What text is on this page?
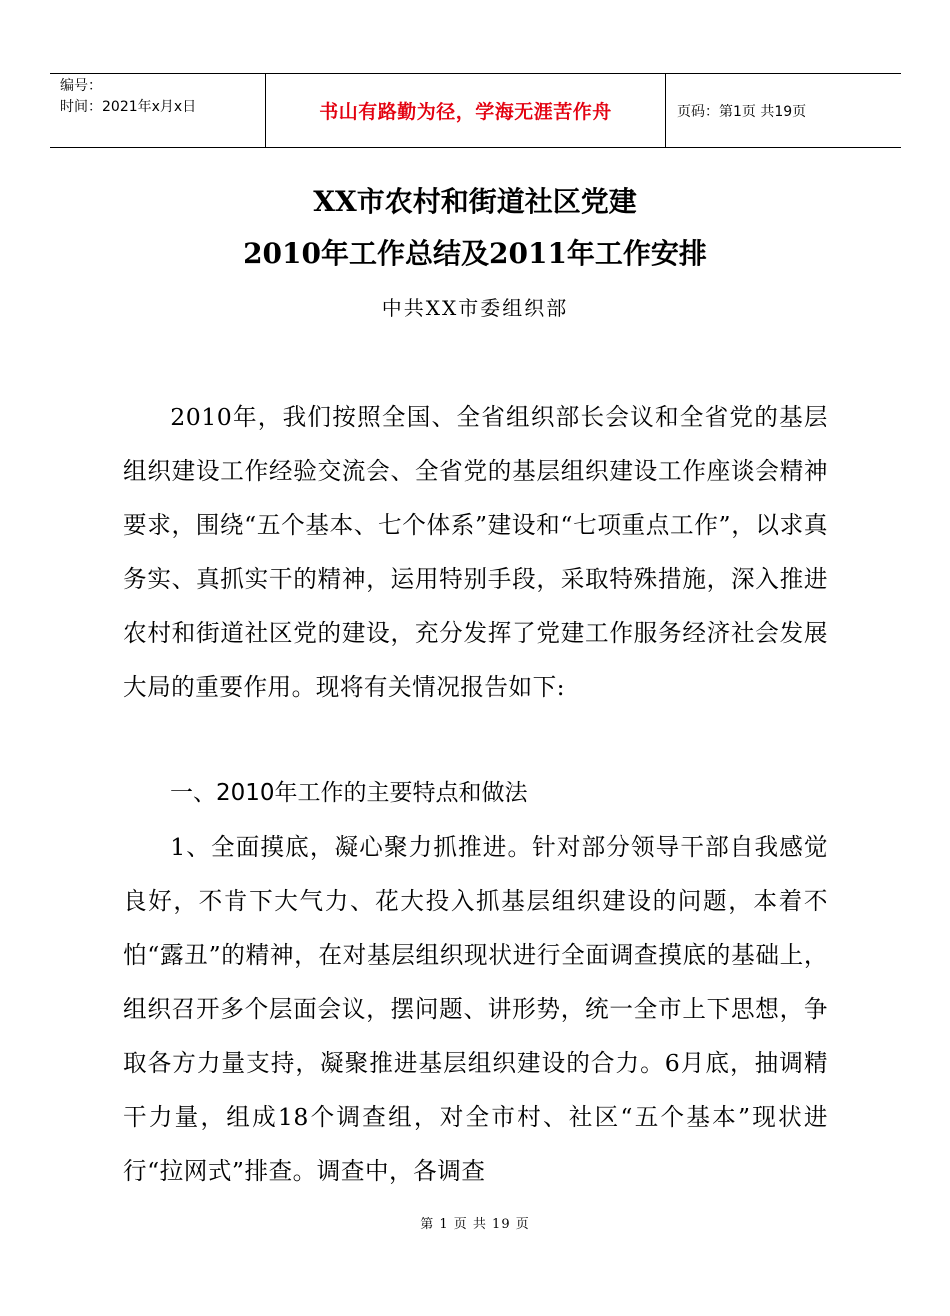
编号：
时间：2021年x月x日	书山有路勤为径，学海无涯苦作舟	页码：第1页 共19页
XX市农村和街道社区党建
2010年工作总结及2011年工作安排
中共XX市委组织部
2010年，我们按照全国、全省组织部长会议和全省党的基层组织建设工作经验交流会、全省党的基层组织建设工作座谈会精神要求，围绕“五个基本、七个体系”建设和“七项重点工作”，以求真务实、真抓实干的精神，运用特别手段，采取特殊措施，深入推进农村和街道社区党的建设，充分发挥了党建工作服务经济社会发展大局的重要作用。现将有关情况报告如下:
一、2010年工作的主要特点和做法
1、全面摸底，凝心聚力抓推进。针对部分领导干部自我感觉良好，不肯下大气力、花大投入抓基层组织建设的问题，本着不怕“露丑”的精神，在对基层组织现状进行全面调查摸底的基础上，组织召开多个层面会议，摆问题、讲形势，统一全市上下思想，争取各方力量支持，凝聚推进基层组织建设的合力。6月底，抽调精干力量，组成18个调查组，对全市村、社区“五个基本”现状进行“拉网式”排查。调查中，各调查
第 1 页 共 19 页
